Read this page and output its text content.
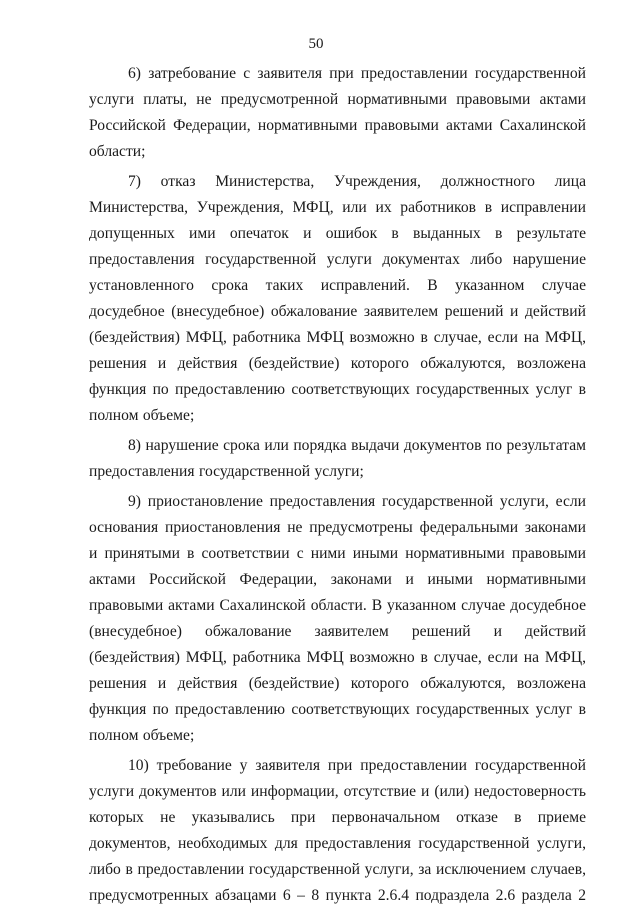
50

6) затребование с заявителя при предоставлении государственной услуги платы, не предусмотренной нормативными правовыми актами Российской Федерации, нормативными правовыми актами Сахалинской области;

7) отказ Министерства, Учреждения, должностного лица Министерства, Учреждения, МФЦ, или их работников в исправлении допущенных ими опечаток и ошибок в выданных в результате предоставления государственной услуги документах либо нарушение установленного срока таких исправлений. В указанном случае досудебное (внесудебное) обжалование заявителем решений и действий (бездействия) МФЦ, работника МФЦ возможно в случае, если на МФЦ, решения и действия (бездействие) которого обжалуются, возложена функция по предоставлению соответствующих государственных услуг в полном объеме;

8) нарушение срока или порядка выдачи документов по результатам предоставления государственной услуги;

9) приостановление предоставления государственной услуги, если основания приостановления не предусмотрены федеральными законами и принятыми в соответствии с ними иными нормативными правовыми актами Российской Федерации, законами и иными нормативными правовыми актами Сахалинской области. В указанном случае досудебное (внесудебное) обжалование заявителем решений и действий (бездействия) МФЦ, работника МФЦ возможно в случае, если на МФЦ, решения и действия (бездействие) которого обжалуются, возложена функция по предоставлению соответствующих государственных услуг в полном объеме;

10) требование у заявителя при предоставлении государственной услуги документов или информации, отсутствие и (или) недостоверность которых не указывались при первоначальном отказе в приеме документов, необходимых для предоставления государственной услуги, либо в предоставлении государственной услуги, за исключением случаев, предусмотренных абзацами 6 – 8 пункта 2.6.4 подраздела 2.6 раздела 2
